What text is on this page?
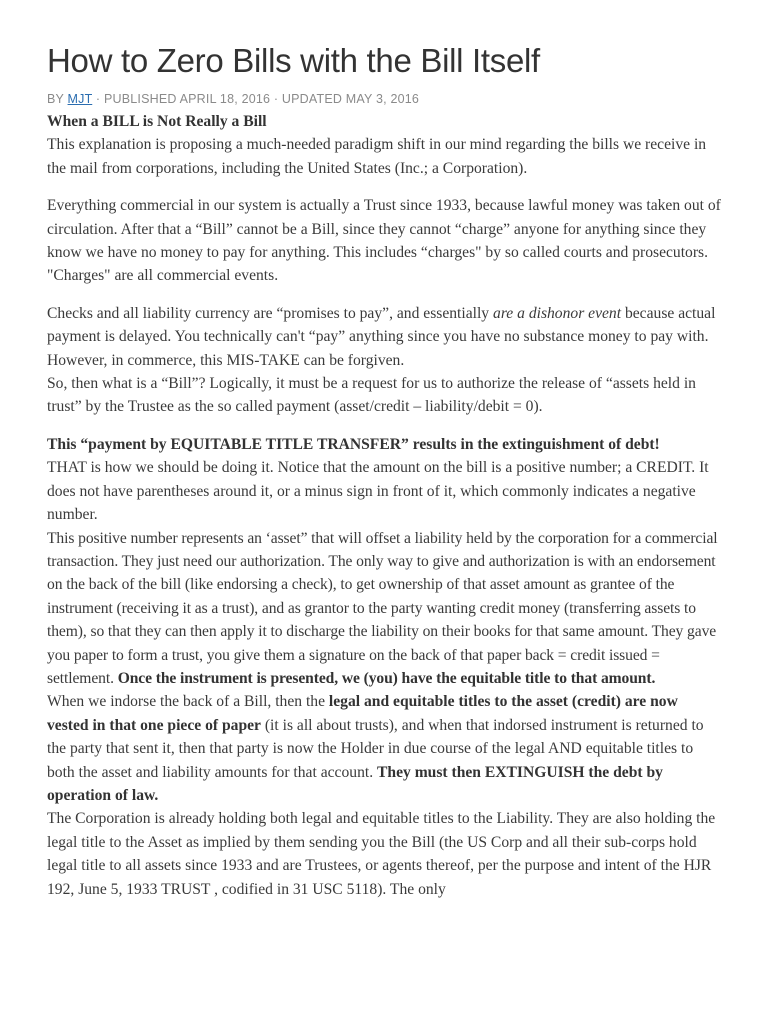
How to Zero Bills with the Bill Itself
BY MJT · PUBLISHED APRIL 18, 2016 · UPDATED MAY 3, 2016

When a BILL is Not Really a Bill

This explanation is proposing a much-needed paradigm shift in our mind regarding the bills we receive in the mail from corporations, including the United States (Inc.; a Corporation).

Everything commercial in our system is actually a Trust since 1933, because lawful money was taken out of circulation. After that a “Bill” cannot be a Bill, since they cannot “charge” anyone for anything since they know we have no money to pay for anything. This includes “charges" by so called courts and prosecutors. "Charges" are all commercial events.

Checks and all liability currency are “promises to pay”, and essentially are a dishonor event because actual payment is delayed. You technically can't “pay” anything since you have no substance money to pay with. However, in commerce, this MIS-TAKE can be forgiven.

So, then what is a “Bill”? Logically, it must be a request for us to authorize the release of “assets held in trust” by the Trustee as the so called payment (asset/credit – liability/debit = 0).

This “payment by EQUITABLE TITLE TRANSFER” results in the extinguishment of debt!

THAT is how we should be doing it. Notice that the amount on the bill is a positive number; a CREDIT. It does not have parentheses around it, or a minus sign in front of it, which commonly indicates a negative number.

This positive number represents an ‘asset” that will offset a liability held by the corporation for a commercial transaction. They just need our authorization. The only way to give and authorization is with an endorsement on the back of the bill (like endorsing a check), to get ownership of that asset amount as grantee of the instrument (receiving it as a trust), and as grantor to the party wanting credit money (transferring assets to them), so that they can then apply it to discharge the liability on their books for that same amount. They gave you paper to form a trust, you give them a signature on the back of that paper back = credit issued = settlement. Once the instrument is presented, we (you) have the equitable title to that amount.

When we indorse the back of a Bill, then the legal and equitable titles to the asset (credit) are now vested in that one piece of paper (it is all about trusts), and when that indorsed instrument is returned to the party that sent it, then that party is now the Holder in due course of the legal AND equitable titles to both the asset and liability amounts for that account. They must then EXTINGUISH the debt by operation of law.

The Corporation is already holding both legal and equitable titles to the Liability. They are also holding the legal title to the Asset as implied by them sending you the Bill (the US Corp and all their sub-corps hold legal title to all assets since 1933 and are Trustees, or agents thereof, per the purpose and intent of the HJR 192, June 5, 1933 TRUST , codified in 31 USC 5118). The only
